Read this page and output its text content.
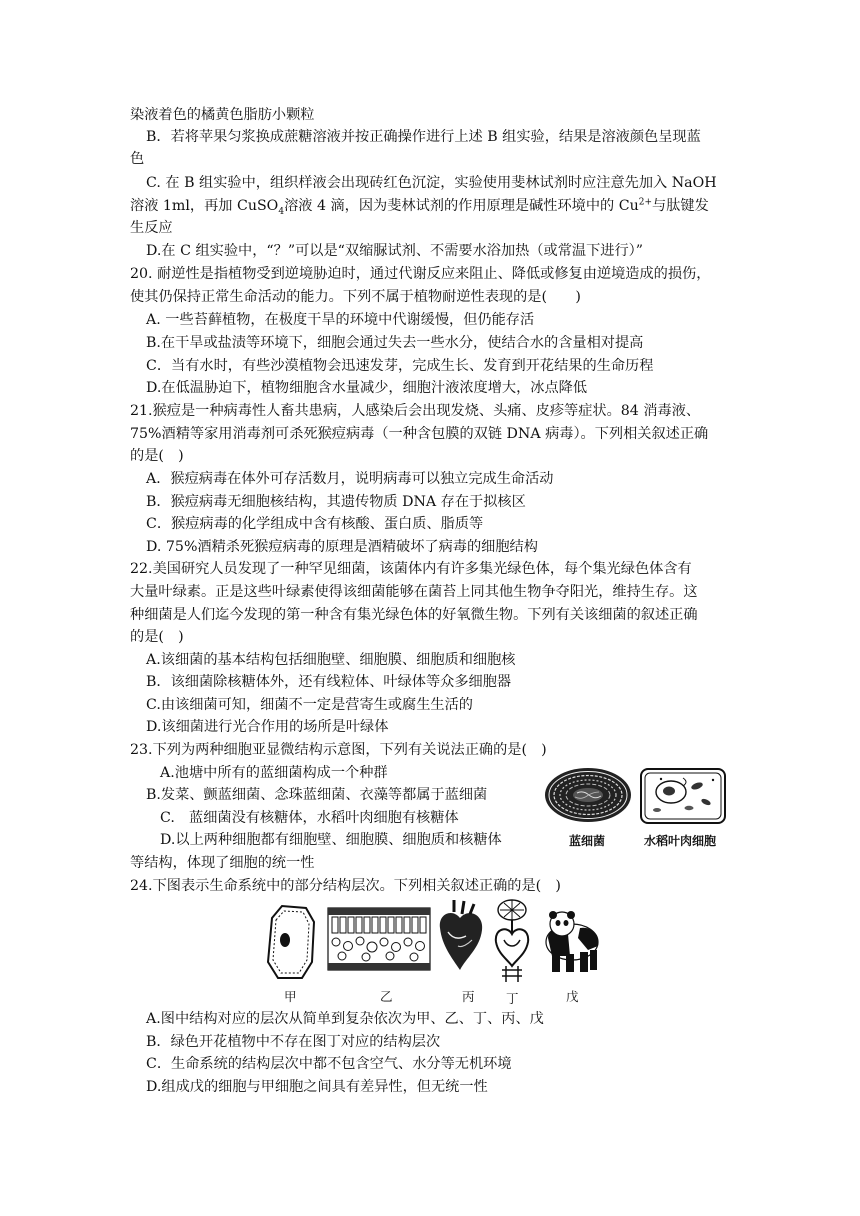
染液着色的橘黄色脂肪小颗粒
B．若将苹果匀浆换成蔗糖溶液并按正确操作进行上述 B 组实验，结果是溶液颜色呈现蓝
色
C. 在 B 组实验中，组织样液会出现砖红色沉淀，实验使用斐林试剂时应注意先加入 NaOH
溶液 1ml，再加 CuSO$_4$溶液 4 滴，因为斐林试剂的作用原理是碱性环境中的 $Cu^{2+}$与肽键发
生反应
D.在 C 组实验中，“？”可以是“双缩脲试剂、不需要水浴加热（或常温下进行）”
20. 耐逆性是指植物受到逆境胁迫时，通过代谢反应来阻止、降低或修复由逆境造成的损伤，
使其仍保持正常生命活动的能力。下列不属于植物耐逆性表现的是(　　)
A. 一些苔藓植物，在极度干旱的环境中代谢缓慢，但仍能存活
B.在干旱或盐渍等环境下，细胞会通过失去一些水分，使结合水的含量相对提高
C．当有水时，有些沙漠植物会迅速发芽，完成生长、发育到开花结果的生命历程
D.在低温胁迫下，植物细胞含水量减少，细胞汁液浓度增大，冰点降低
21.猴痘是一种病毒性人畜共患病，人感染后会出现发烧、头痛、皮疹等症状。84 消毒液、
75%酒精等家用消毒剂可杀死猴痘病毒（一种含包膜的双链 DNA 病毒）。下列相关叙述正确
的是(　)
A．猴痘病毒在体外可存活数月，说明病毒可以独立完成生命活动
B．猴痘病毒无细胞核结构，其遗传物质 DNA 存在于拟核区
C．猴痘病毒的化学组成中含有核酸、蛋白质、脂质等
D. 75%酒精杀死猴痘病毒的原理是酒精破坏了病毒的细胞结构
22.美国研究人员发现了一种罕见细菌，该菌体内有许多集光绿色体，每个集光绿色体含有
大量叶绿素。正是这些叶绿素使得该细菌能够在菌苔上同其他生物争夺阳光，维持生存。这
种细菌是人们迄今发现的第一种含有集光绿色体的好氧微生物。下列有关该细菌的叙述正确
的是(　)
A.该细菌的基本结构包括细胞壁、细胞膜、细胞质和细胞核
B．该细菌除核糖体外，还有线粒体、叶绿体等众多细胞器
C.由该细菌可知，细菌不一定是营寄生或腐生生活的
D.该细菌进行光合作用的场所是叶绿体
23.下列为两种细胞亚显微结构示意图，下列有关说法正确的是(　)
A.池塘中所有的蓝细菌构成一个种群
B.发菜、颤蓝细菌、念珠蓝细菌、衣藻等都属于蓝细菌
C.　蓝细菌没有核糖体，水稻叶肉细胞有核糖体
D.以上两种细胞都有细胞壁、细胞膜、细胞质和核糖体
等结构，体现了细胞的统一性
蓝细菌	水稻叶肉细胞
24.下图表示生命系统中的部分结构层次。下列相关叙述正确的是(　)
甲	乙	丙	丁	戊
A.图中结构对应的层次从简单到复杂依次为甲、乙、丁、丙、戊
B．绿色开花植物中不存在图丁对应的结构层次
C．生命系统的结构层次中都不包含空气、水分等无机环境
D.组成戊的细胞与甲细胞之间具有差异性，但无统一性
